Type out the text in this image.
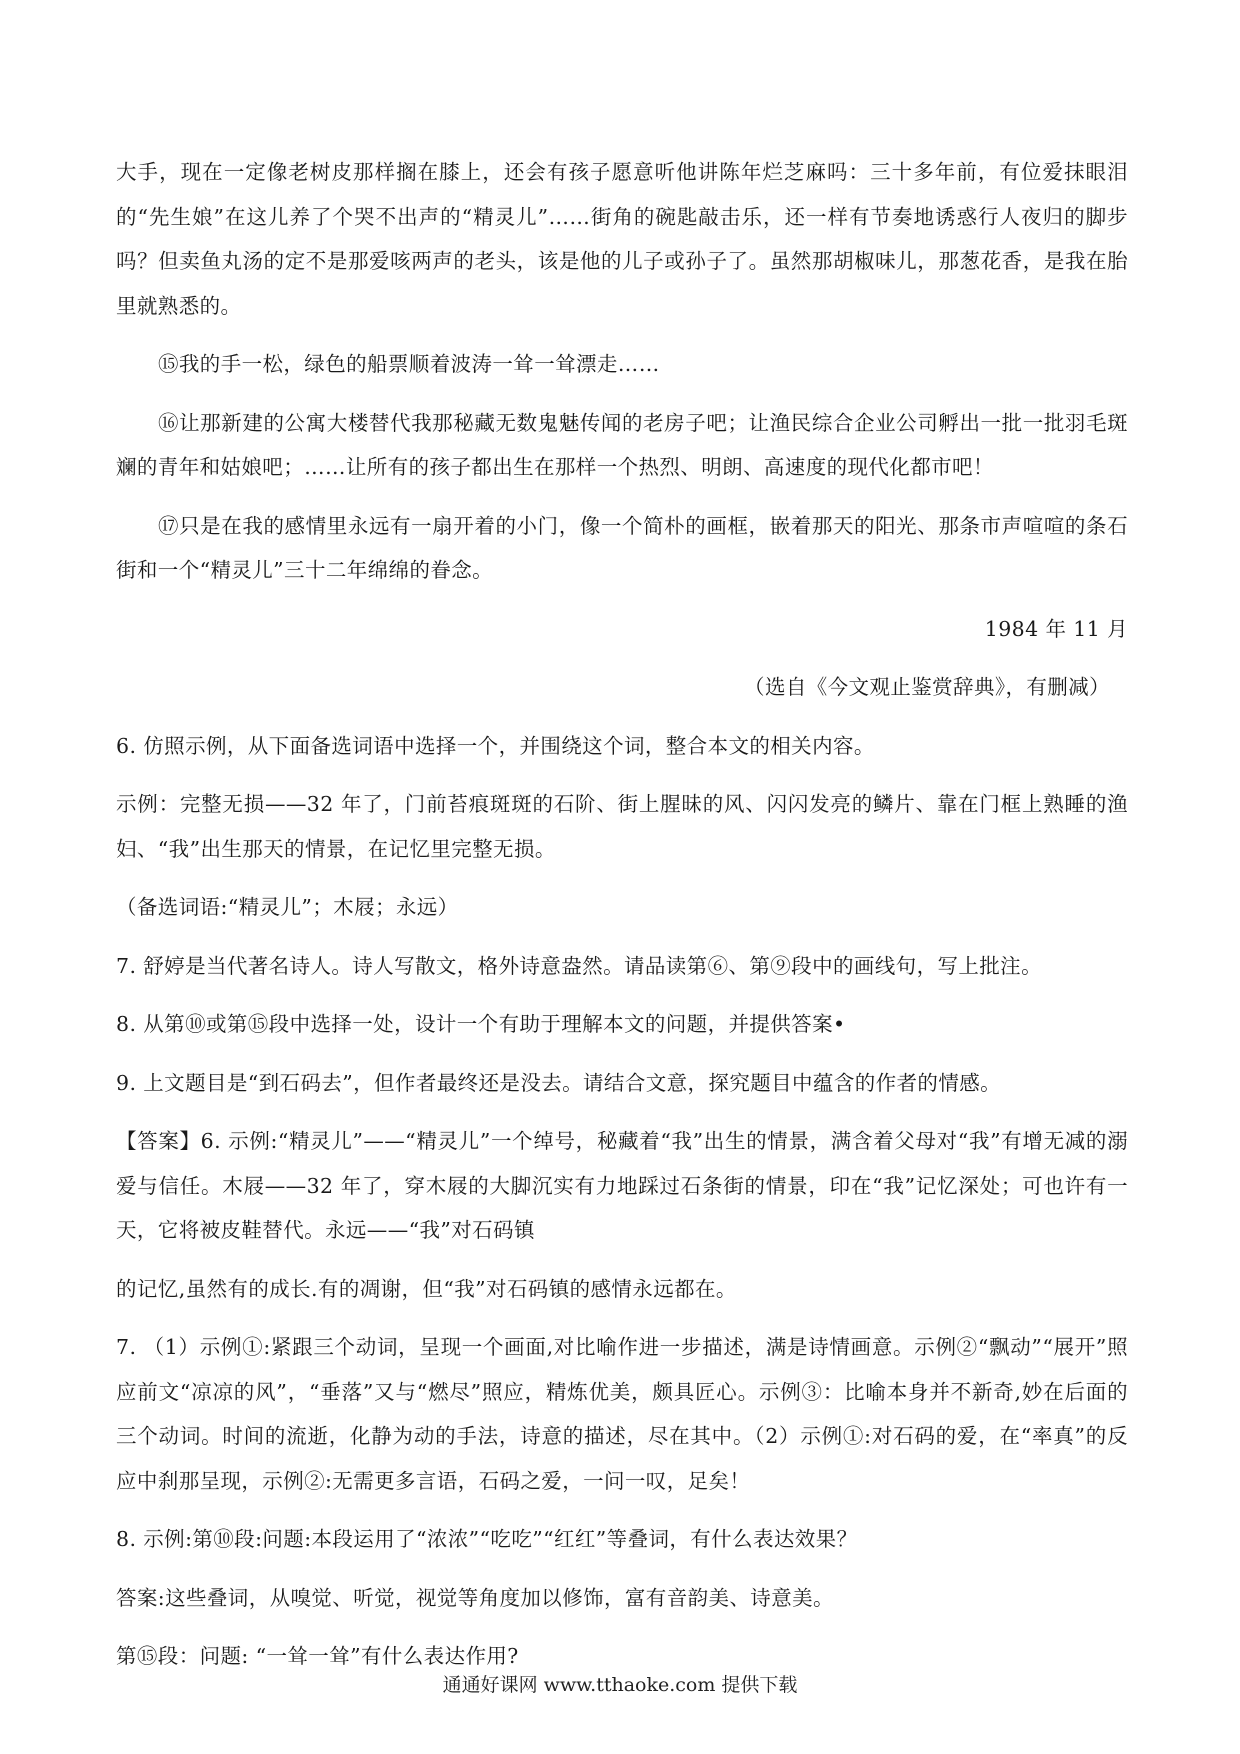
大手，现在一定像老树皮那样搁在膝上，还会有孩子愿意听他讲陈年烂芝麻吗：三十多年前，有位爱抹眼泪的“先生娘”在这儿养了个哭不出声的“精灵儿”……街角的碗匙敲击乐，还一样有节奏地诱惑行人夜归的脚步吗？但卖鱼丸汤的定不是那爱咳两声的老头，该是他的儿子或孙子了。虽然那胡椒味儿，那葱花香，是我在胎里就熟悉的。

⑮我的手一松，绿色的船票顺着波涛一耸一耸漂走……

⑯让那新建的公寓大楼替代我那秘藏无数鬼魅传闻的老房子吧；让渔民综合企业公司孵出一批一批羽毛斑斓的青年和姑娘吧；……让所有的孩子都出生在那样一个热烈、明朗、高速度的现代化都市吧！

⑰只是在我的感情里永远有一扇开着的小门，像一个简朴的画框，嵌着那天的阳光、那条市声喧喧的条石街和一个“精灵儿”三十二年绵绵的眷念。

1984 年 11 月

（选自《今文观止鉴赏辞典》，有删减）

6. 仿照示例，从下面备选词语中选择一个，并围绕这个词，整合本文的相关内容。

示例：完整无损——32 年了，门前苔痕斑斑的石阶、街上腥昧的风、闪闪发亮的鳞片、靠在门框上熟睡的渔妇、“我”出生那天的情景，在记忆里完整无损。

（备选词语:“精灵儿”；木屐；永远）

7. 舒婷是当代著名诗人。诗人写散文，格外诗意盎然。请品读第⑥、第⑨段中的画线句，写上批注。

8. 从第⑩或第⑮段中选择一处，设计一个有助于理解本文的问题，并提供答案•

9. 上文题目是“到石码去”，但作者最终还是没去。请结合文意，探究题目中蕴含的作者的情感。

【答案】6. 示例:“精灵儿”——“精灵儿”一个绰号，秘藏着“我”出生的情景，满含着父母对“我”有增无减的溺爱与信任。木屐——32 年了，穿木屐的大脚沉实有力地踩过石条街的情景，印在“我”记忆深处；可也许有一天，它将被皮鞋替代。永远——“我”对石码镇

的记忆,虽然有的成长.有的凋谢，但“我”对石码镇的感情永远都在。

7. （1）示例①:紧跟三个动词，呈现一个画面,对比喻作进一步描述，满是诗情画意。示例②“飘动”“展开”照应前文“凉凉的风”，“垂落”又与“燃尽”照应，精炼优美，颇具匠心。示例③：比喻本身并不新奇,妙在后面的三个动词。时间的流逝，化静为动的手法，诗意的描述，尽在其中。（2）示例①:对石码的爱，在“率真”的反应中刹那呈现，示例②:无需更多言语，石码之爱，一问一叹，足矣！

8. 示例:第⑩段:问题:本段运用了“浓浓”“吃吃”“红红”等叠词，有什么表达效果？

答案:这些叠词，从嗅觉、听觉，视觉等角度加以修饰，富有音韵美、诗意美。

第⑮段：问题: “一耸一耸”有什么表达作用?

通通好课网 www.tthaoke.com 提供下载
